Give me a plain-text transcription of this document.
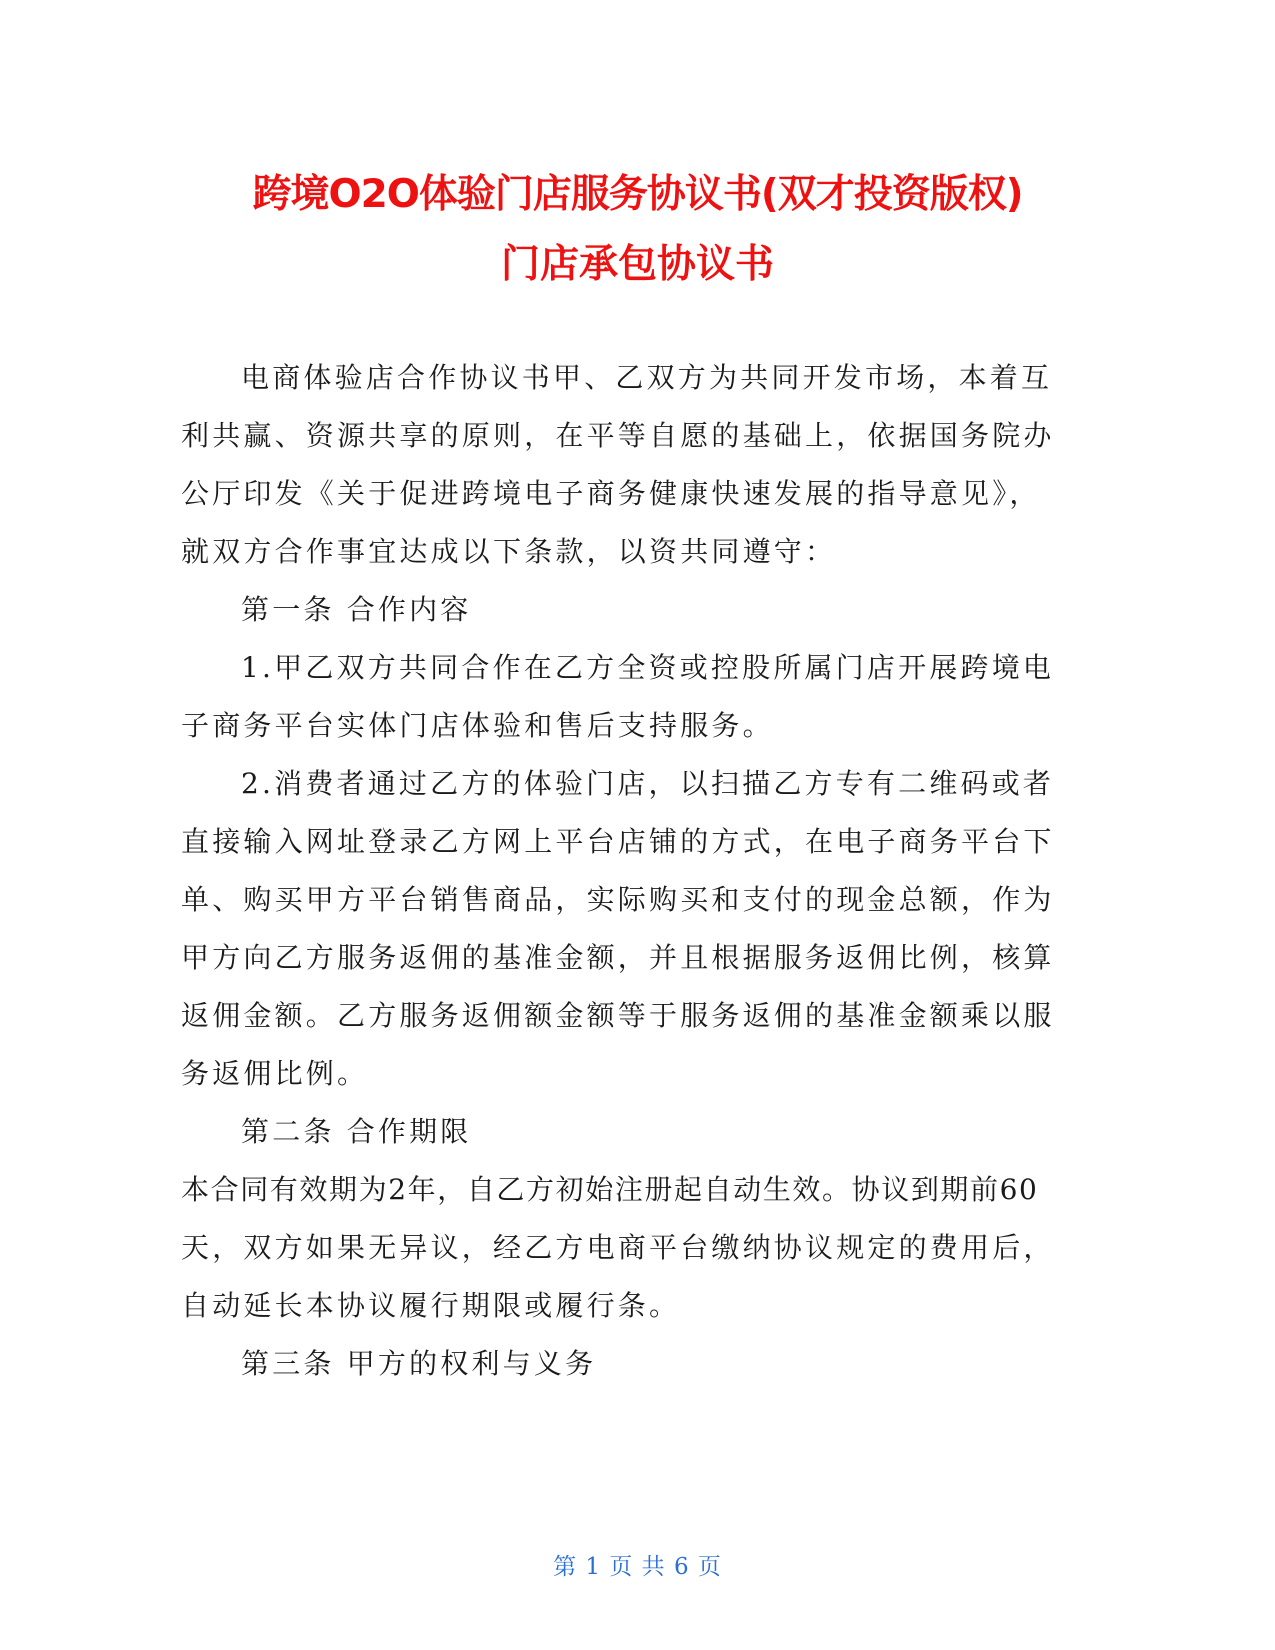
跨境O2O体验门店服务协议书(双才投资版权)
门店承包协议书
电商体验店合作协议书甲、乙双方为共同开发市场，本着互
利共赢、资源共享的原则，在平等自愿的基础上，依据国务院办
公厅印发《关于促进跨境电子商务健康快速发展的指导意见》，
就双方合作事宜达成以下条款，以资共同遵守：
第一条 合作内容
1.甲乙双方共同合作在乙方全资或控股所属门店开展跨境电
子商务平台实体门店体验和售后支持服务。
2.消费者通过乙方的体验门店，以扫描乙方专有二维码或者
直接输入网址登录乙方网上平台店铺的方式，在电子商务平台下
单、购买甲方平台销售商品，实际购买和支付的现金总额，作为
甲方向乙方服务返佣的基准金额，并且根据服务返佣比例，核算
返佣金额。乙方服务返佣额金额等于服务返佣的基准金额乘以服
务返佣比例。
第二条 合作期限
本合同有效期为2年，自乙方初始注册起自动生效。协议到期前60
天，双方如果无异议，经乙方电商平台缴纳协议规定的费用后，
自动延长本协议履行期限或履行条。
第三条 甲方的权利与义务
第 1 页 共 6 页
